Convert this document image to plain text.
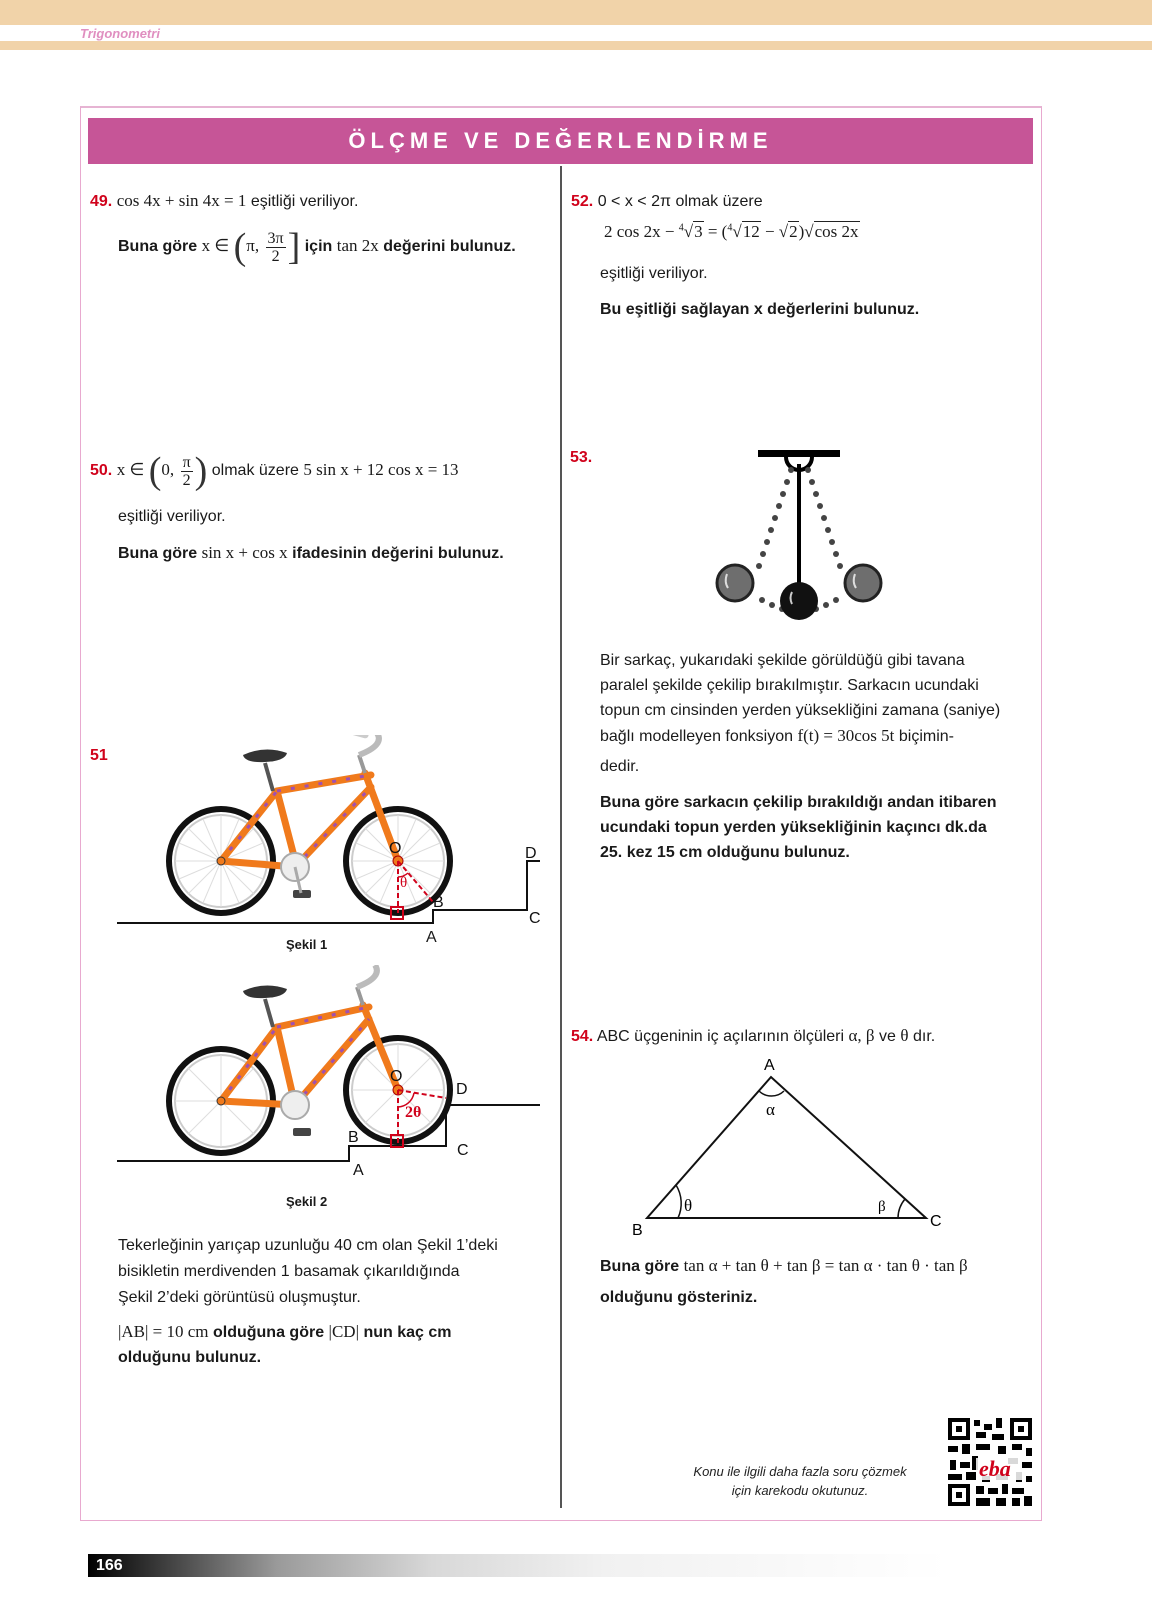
Trigonometri
ÖLÇME VE DEĞERLENDİRME
49. cos 4x + sin 4x = 1 eşitliği veriliyor.
Buna göre x ∈ (π, $\frac{3\pi}{2}$ ] için tan 2x değerini bulunuz.
50. x ∈ (0, $\frac{\pi}{2}$ ) olmak üzere 5 sin x + 12 cos x = 13
eşitliği veriliyor.
Buna göre sin x + cos x ifadesinin değerini bulunuz.
51
θ
O
B
D
C
A
Şekil 1
2θ
O
B
D
C
A
Şekil 2
Tekerleğinin yarıçap uzunluğu 40 cm olan Şekil 1’deki
bisikletin merdivenden 1 basamak çıkarıldığında
Şekil 2’deki görüntüsü oluşmuştur.
|AB| = 10 cm olduğuna göre |CD| nun kaç cm
olduğunu bulunuz.
52. 0 < x < 2π olmak üzere
2 cos 2x − $^4$√3 = ($^4$√12 − √2)√cos 2x
eşitliği veriliyor.
Bu eşitliği sağlayan x değerlerini bulunuz.
53.
Bir sarkaç, yukarıdaki şekilde görüldüğü gibi tavana
paralel şekilde çekilip bırakılmıştır. Sarkacın ucundaki
topun cm cinsinden yerden yüksekliğini zamana (saniye)
bağlı modelleyen fonksiyon f(t) = 30cos 5t biçimin-
dedir.
Buna göre sarkacın çekilip bırakıldığı andan itibaren
ucundaki topun yerden yüksekliğinin kaçıncı dk.da
25. kez 15 cm olduğunu bulunuz.
54. ABC üçgeninin iç açılarının ölçüleri α, β ve θ dır.
A
B
C
α
θ	β
Buna göre tan α + tan θ + tan β = tan α · tan θ · tan β
olduğunu gösteriniz.
Konu ile ilgili daha fazla soru çözmek
için karekodu okutunuz.
eba
166
